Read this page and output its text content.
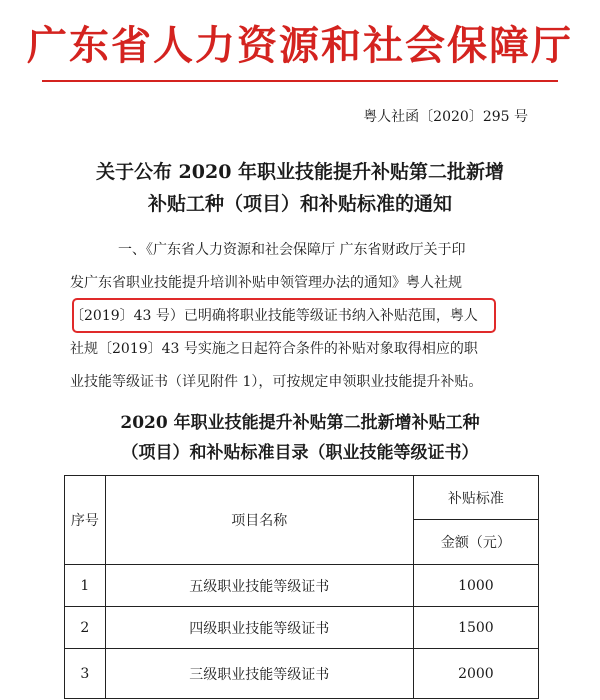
广东省人力资源和社会保障厅
粤人社函〔2020〕295 号
关于公布 2020 年职业技能提升补贴第二批新增
补贴工种（项目）和补贴标准的通知
一、《广东省人力资源和社会保障厅 广东省财政厅关于印
发广东省职业技能提升培训补贴申领管理办法的通知》粤人社规
〔2019〕43 号）已明确将职业技能等级证书纳入补贴范围，粤人
社规〔2019〕43 号实施之日起符合条件的补贴对象取得相应的职
业技能等级证书（详见附件 1），可按规定申领职业技能提升补贴。
2020 年职业技能提升补贴第二批新增补贴工种
（项目）和补贴标准目录（职业技能等级证书）
序号	项目名称	补贴标准
		金额（元）
1	五级职业技能等级证书	1000
2	四级职业技能等级证书	1500
3	三级职业技能等级证书	2000
